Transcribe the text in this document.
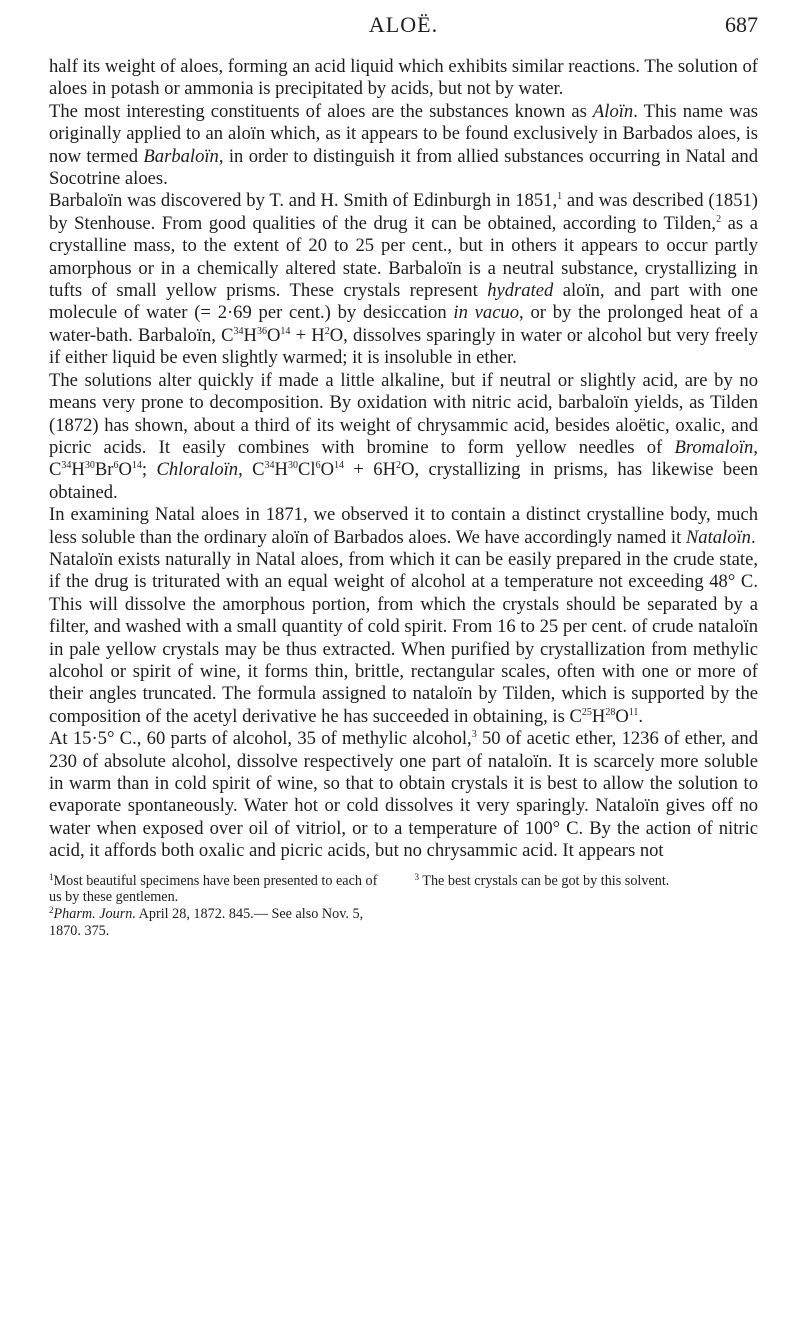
ALOË.	687

half its weight of aloes, forming an acid liquid which exhibits similar reactions. The solution of aloes in potash or ammonia is precipitated by acids, but not by water.

The most interesting constituents of aloes are the substances known as Aloïn. This name was originally applied to an aloïn which, as it appears to be found exclusively in Barbados aloes, is now termed Barbaloïn, in order to distinguish it from allied substances occurring in Natal and Socotrine aloes.

Barbaloïn was discovered by T. and H. Smith of Edinburgh in 1851,$^1$ and was described (1851) by Stenhouse. From good qualities of the drug it can be obtained, according to Tilden,$^2$ as a crystalline mass, to the extent of 20 to 25 per cent., but in others it appears to occur partly amorphous or in a chemically altered state. Barbaloïn is a neutral substance, crystallizing in tufts of small yellow prisms. These crystals represent hydrated aloïn, and part with one molecule of water (= 2·69 per cent.) by desiccation in vacuo, or by the prolonged heat of a water-bath. Barbaloïn, $C^{34}H^{36}O^{14} + H^2O$, dissolves sparingly in water or alcohol but very freely if either liquid be even slightly warmed; it is insoluble in ether.

The solutions alter quickly if made a little alkaline, but if neutral or slightly acid, are by no means very prone to decomposition. By oxidation with nitric acid, barbaloïn yields, as Tilden (1872) has shown, about a third of its weight of chrysammic acid, besides aloëtic, oxalic, and picric acids. It easily combines with bromine to form yellow needles of Bromaloïn, $C^{34}H^{30}Br^6O^{14}$; Chloraloïn, $C^{34}H^{30}Cl^6O^{14} + 6H^2O$, crystallizing in prisms, has likewise been obtained.

In examining Natal aloes in 1871, we observed it to contain a distinct crystalline body, much less soluble than the ordinary aloïn of Barbados aloes. We have accordingly named it Nataloïn.

Nataloïn exists naturally in Natal aloes, from which it can be easily prepared in the crude state, if the drug is triturated with an equal weight of alcohol at a temperature not exceeding 48° C. This will dissolve the amorphous portion, from which the crystals should be separated by a filter, and washed with a small quantity of cold spirit. From 16 to 25 per cent. of crude nataloïn in pale yellow crystals may be thus extracted. When purified by crystallization from methylic alcohol or spirit of wine, it forms thin, brittle, rectangular scales, often with one or more of their angles truncated. The formula assigned to nataloïn by Tilden, which is supported by the composition of the acetyl derivative he has succeeded in obtaining, is $C^{25}H^{28}O^{11}$.

At 15·5° C., 60 parts of alcohol, 35 of methylic alcohol,$^3$ 50 of acetic ether, 1236 of ether, and 230 of absolute alcohol, dissolve respectively one part of nataloïn. It is scarcely more soluble in warm than in cold spirit of wine, so that to obtain crystals it is best to allow the solution to evaporate spontaneously. Water hot or cold dissolves it very sparingly. Nataloïn gives off no water when exposed over oil of vitriol, or to a temperature of 100° C. By the action of nitric acid, it affords both oxalic and picric acids, but no chrysammic acid. It appears not

$^1$Most beautiful specimens have been presented to each of us by these gentlemen.

$^2$Pharm. Journ. April 28, 1872. 845.— See also Nov. 5, 1870. 375.

$^3$ The best crystals can be got by this solvent.
